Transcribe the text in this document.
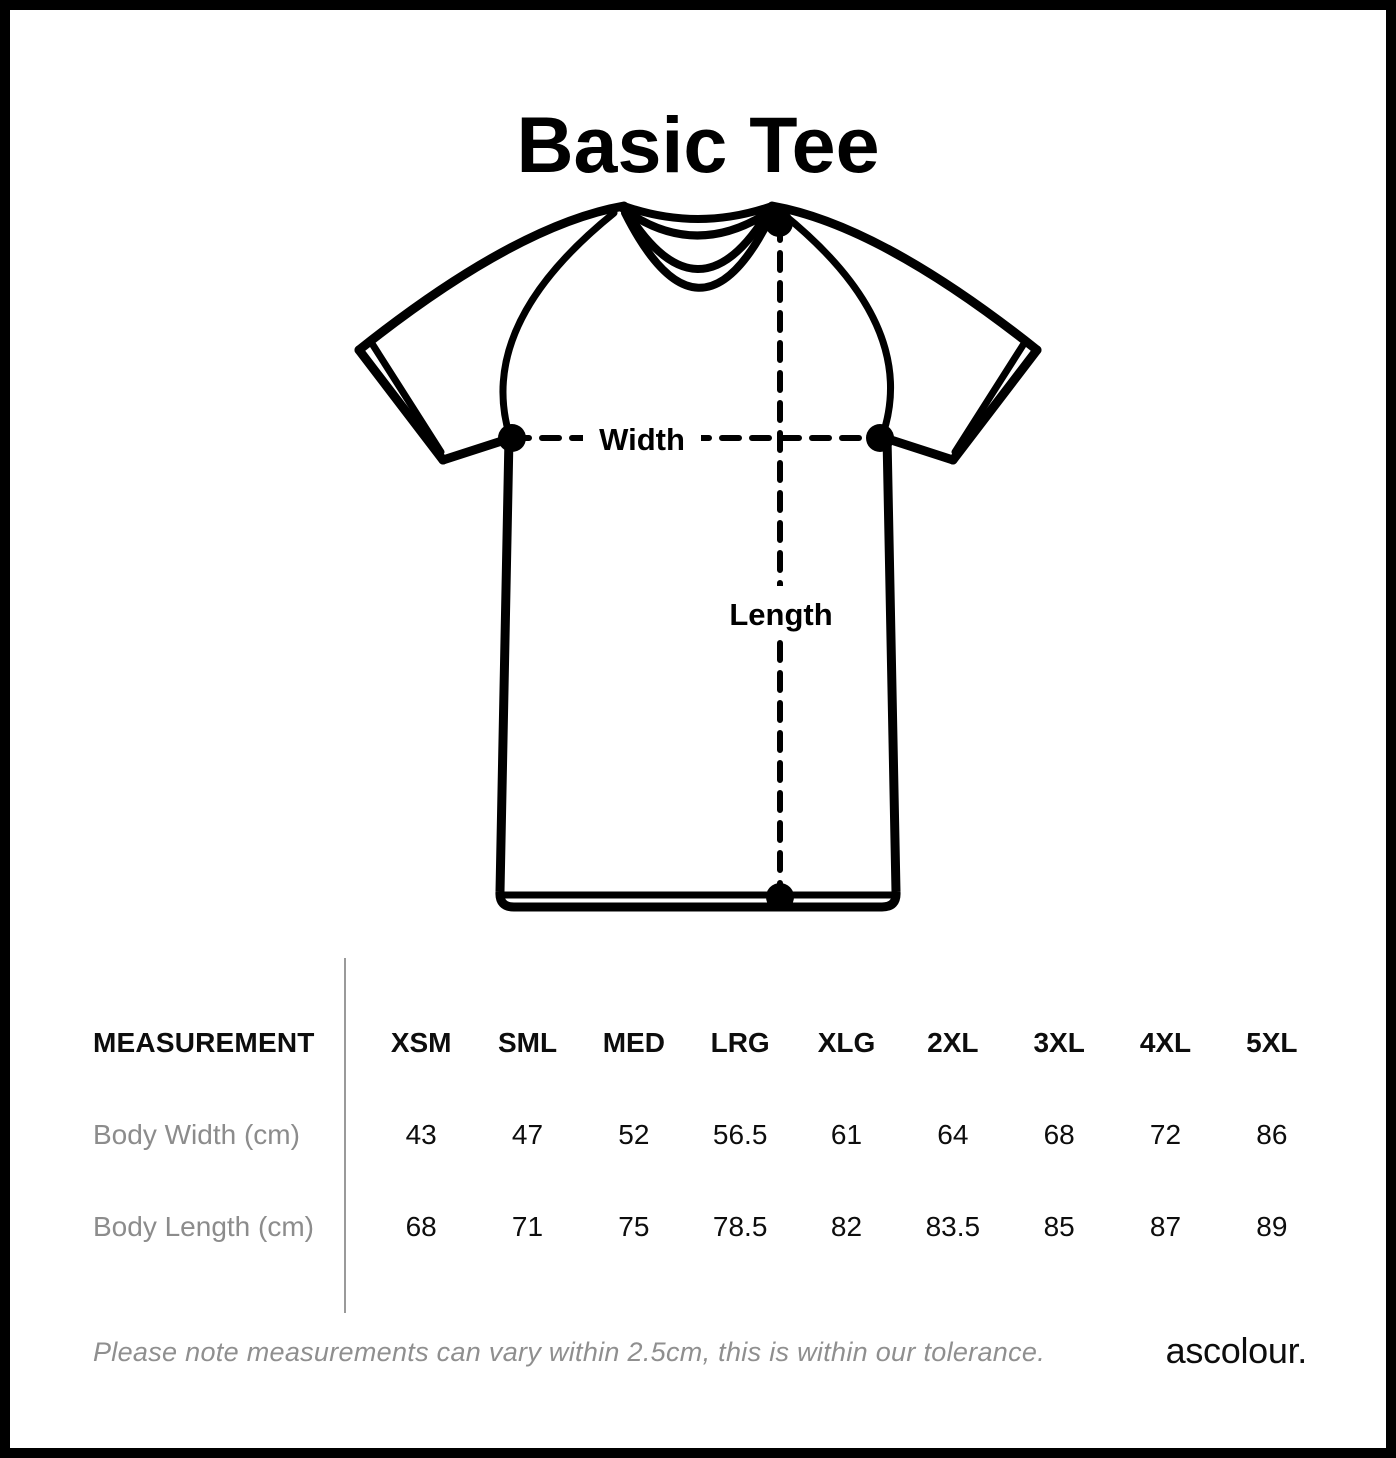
Basic Tee
Width
Length
MEASUREMENT	XSM	SML	MED	LRG	XLG	2XL	3XL	4XL	5XL
Body Width (cm)	43	47	52	56.5	61	64	68	72	86
Body Length (cm)	68	71	75	78.5	82	83.5	85	87	89
Please note measurements can vary within 2.5cm, this is within our tolerance.	ascolour.
